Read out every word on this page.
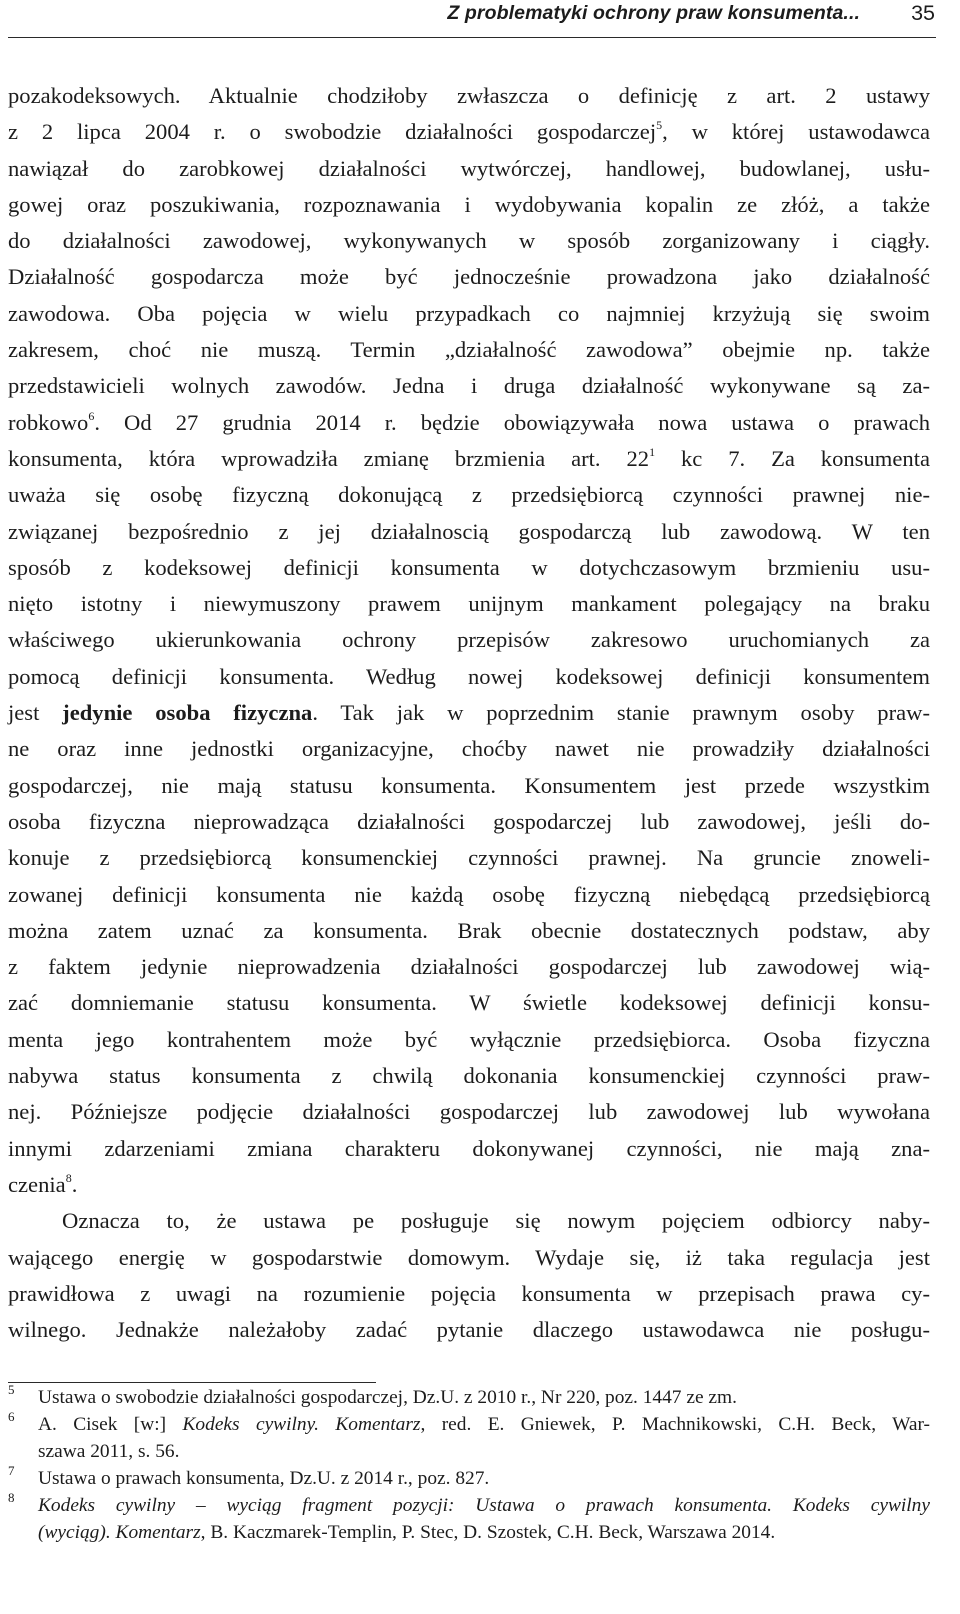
Z problematyki ochrony praw konsumenta... 35
pozakodeksowych. Aktualnie chodziłoby zwłaszcza o definicję z art. 2 ustawy
z 2 lipca 2004 r. o swobodzie działalności gospodarczej$^5$, w której ustawodawca
nawiązał do zarobkowej działalności wytwórczej, handlowej, budowlanej, usłu-
gowej oraz poszukiwania, rozpoznawania i wydobywania kopalin ze złóż, a także
do działalności zawodowej, wykonywanych w sposób zorganizowany i ciągły.
Działalność gospodarcza może być jednocześnie prowadzona jako działalność
zawodowa. Oba pojęcia w wielu przypadkach co najmniej krzyżują się swoim
zakresem, choć nie muszą. Termin „działalność zawodowa” obejmie np. także
przedstawicieli wolnych zawodów. Jedna i druga działalność wykonywane są za-
robkowo$^6$. Od 27 grudnia 2014 r. będzie obowiązywała nowa ustawa o prawach
konsumenta, która wprowadziła zmianę brzmienia art. $22^1$ kc 7. Za konsumenta
uważa się osobę fizyczną dokonującą z przedsiębiorcą czynności prawnej nie-
związanej bezpośrednio z jej działalnoscią gospodarczą lub zawodową. W ten
sposób z kodeksowej definicji konsumenta w dotychczasowym brzmieniu usu-
nięto istotny i niewymuszony prawem unijnym mankament polegający na braku
właściwego ukierunkowania ochrony przepisów zakresowo uruchomianych za
pomocą definicji konsumenta. Według nowej kodeksowej definicji konsumentem
jest jedynie osoba fizyczna. Tak jak w poprzednim stanie prawnym osoby praw-
ne oraz inne jednostki organizacyjne, choćby nawet nie prowadziły działalności
gospodarczej, nie mają statusu konsumenta. Konsumentem jest przede wszystkim
osoba fizyczna nieprowadząca działalności gospodarczej lub zawodowej, jeśli do-
konuje z przedsiębiorcą konsumenckiej czynności prawnej. Na gruncie znoweli-
zowanej definicji konsumenta nie każdą osobę fizyczną niebędącą przedsiębiorcą
można zatem uznać za konsumenta. Brak obecnie dostatecznych podstaw, aby
z faktem jedynie nieprowadzenia działalności gospodarczej lub zawodowej wią-
zać domniemanie statusu konsumenta. W świetle kodeksowej definicji konsu-
menta jego kontrahentem może być wyłącznie przedsiębiorca. Osoba fizyczna
nabywa status konsumenta z chwilą dokonania konsumenckiej czynności praw-
nej. Późniejsze podjęcie działalności gospodarczej lub zawodowej lub wywołana
innymi zdarzeniami zmiana charakteru dokonywanej czynności, nie mają zna-
czenia$^8$.
Oznacza to, że ustawa pe posługuje się nowym pojęciem odbiorcy naby-
wającego energię w gospodarstwie domowym. Wydaje się, iż taka regulacja jest
prawidłowa z uwagi na rozumienie pojęcia konsumenta w przepisach prawa cy-
wilnego. Jednakże należałoby zadać pytanie dlaczego ustawodawca nie posługu-
5 Ustawa o swobodzie działalności gospodarczej, Dz.U. z 2010 r., Nr 220, poz. 1447 ze zm.
6 A. Cisek [w:] Kodeks cywilny. Komentarz, red. E. Gniewek, P. Machnikowski, C.H. Beck, War-
szawa 2011, s. 56.
7 Ustawa o prawach konsumenta, Dz.U. z 2014 r., poz. 827.
8 Kodeks cywilny – wyciąg fragment pozycji: Ustawa o prawach konsumenta. Kodeks cywilny
(wyciąg). Komentarz, B. Kaczmarek-Templin, P. Stec, D. Szostek, C.H. Beck, Warszawa 2014.
